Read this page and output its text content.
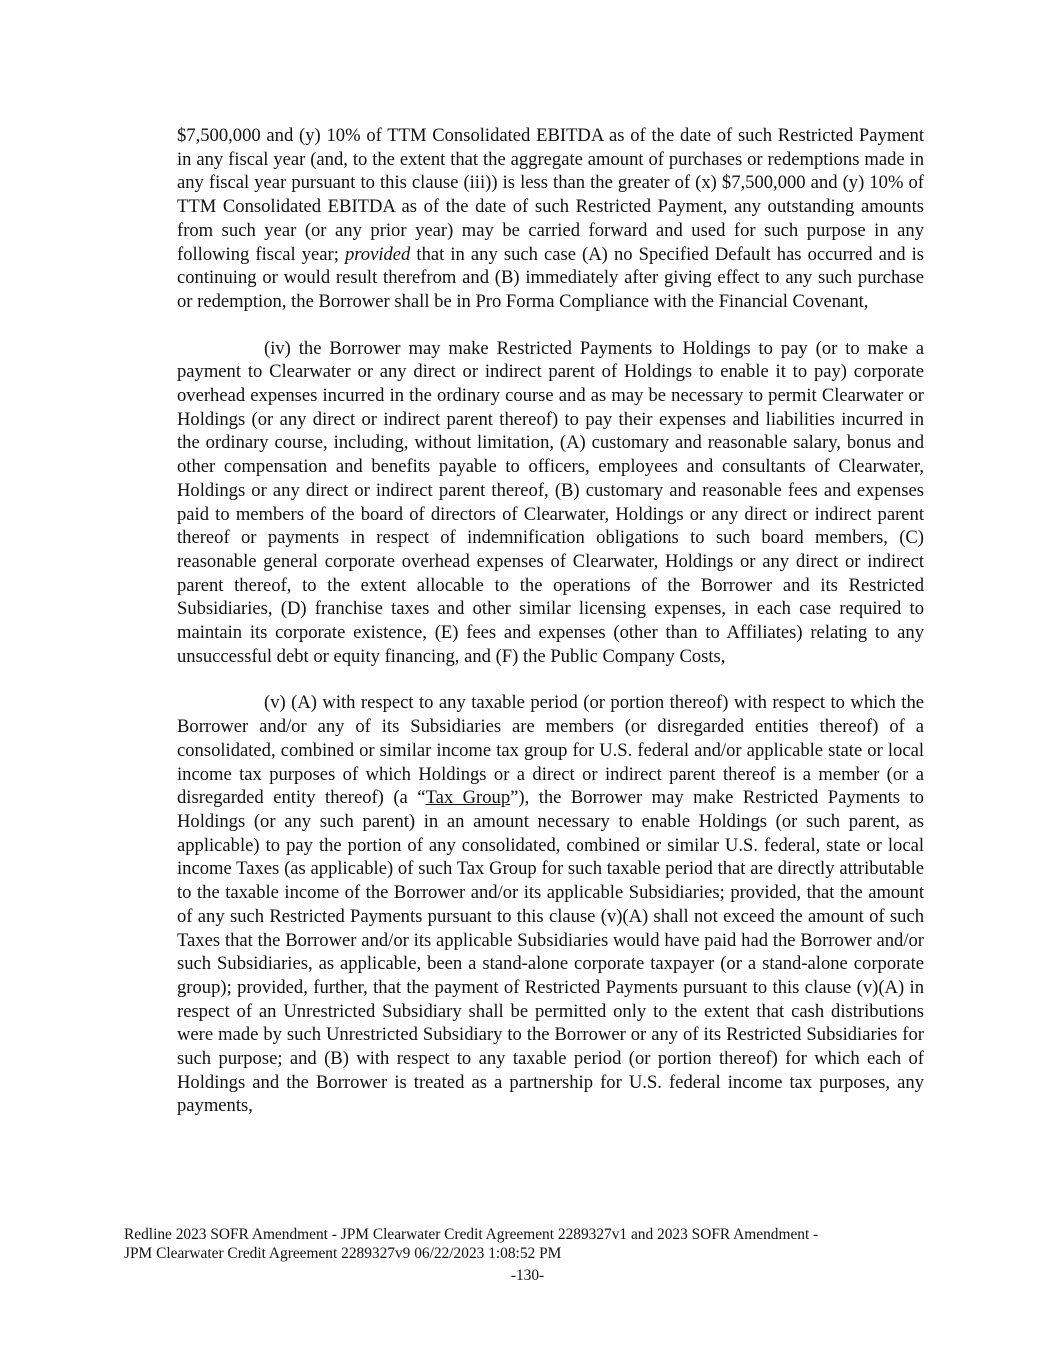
$7,500,000 and (y) 10% of TTM Consolidated EBITDA as of the date of such Restricted Payment in any fiscal year (and, to the extent that the aggregate amount of purchases or redemptions made in any fiscal year pursuant to this clause (iii)) is less than the greater of (x) $7,500,000 and (y) 10% of TTM Consolidated EBITDA as of the date of such Restricted Payment, any outstanding amounts from such year (or any prior year) may be carried forward and used for such purpose in any following fiscal year; provided that in any such case (A) no Specified Default has occurred and is continuing or would result therefrom and (B) immediately after giving effect to any such purchase or redemption, the Borrower shall be in Pro Forma Compliance with the Financial Covenant,

(iv) the Borrower may make Restricted Payments to Holdings to pay (or to make a payment to Clearwater or any direct or indirect parent of Holdings to enable it to pay) corporate overhead expenses incurred in the ordinary course and as may be necessary to permit Clearwater or Holdings (or any direct or indirect parent thereof) to pay their expenses and liabilities incurred in the ordinary course, including, without limitation, (A) customary and reasonable salary, bonus and other compensation and benefits payable to officers, employees and consultants of Clearwater, Holdings or any direct or indirect parent thereof, (B) customary and reasonable fees and expenses paid to members of the board of directors of Clearwater, Holdings or any direct or indirect parent thereof or payments in respect of indemnification obligations to such board members, (C) reasonable general corporate overhead expenses of Clearwater, Holdings or any direct or indirect parent thereof, to the extent allocable to the operations of the Borrower and its Restricted Subsidiaries, (D) franchise taxes and other similar licensing expenses, in each case required to maintain its corporate existence, (E) fees and expenses (other than to Affiliates) relating to any unsuccessful debt or equity financing, and (F) the Public Company Costs,

(v) (A) with respect to any taxable period (or portion thereof) with respect to which the Borrower and/or any of its Subsidiaries are members (or disregarded entities thereof) of a consolidated, combined or similar income tax group for U.S. federal and/or applicable state or local income tax purposes of which Holdings or a direct or indirect parent thereof is a member (or a disregarded entity thereof) (a “Tax Group”), the Borrower may make Restricted Payments to Holdings (or any such parent) in an amount necessary to enable Holdings (or such parent, as applicable) to pay the portion of any consolidated, combined or similar U.S. federal, state or local income Taxes (as applicable) of such Tax Group for such taxable period that are directly attributable to the taxable income of the Borrower and/or its applicable Subsidiaries; provided, that the amount of any such Restricted Payments pursuant to this clause (v)(A) shall not exceed the amount of such Taxes that the Borrower and/or its applicable Subsidiaries would have paid had the Borrower and/or such Subsidiaries, as applicable, been a stand-alone corporate taxpayer (or a stand-alone corporate group); provided, further, that the payment of Restricted Payments pursuant to this clause (v)(A) in respect of an Unrestricted Subsidiary shall be permitted only to the extent that cash distributions were made by such Unrestricted Subsidiary to the Borrower or any of its Restricted Subsidiaries for such purpose; and (B) with respect to any taxable period (or portion thereof) for which each of Holdings and the Borrower is treated as a partnership for U.S. federal income tax purposes, any payments,

Redline 2023 SOFR Amendment - JPM Clearwater Credit Agreement 2289327v1 and 2023 SOFR Amendment -
JPM Clearwater Credit Agreement 2289327v9 06/22/2023 1:08:52 PM
-130-
